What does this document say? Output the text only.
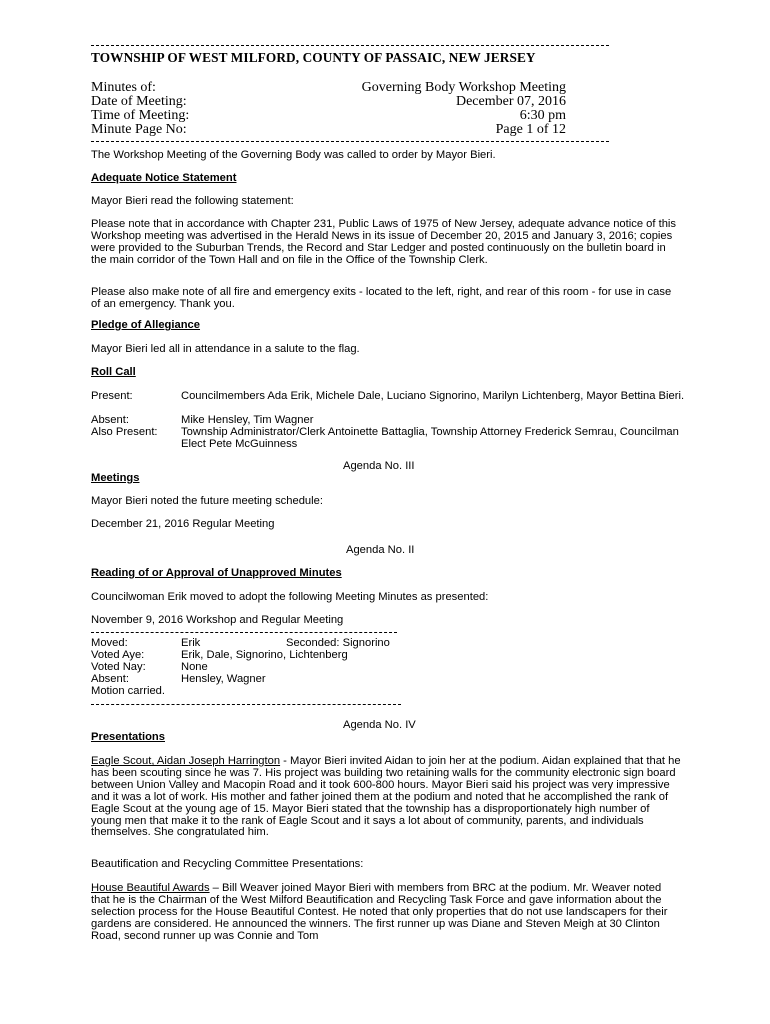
TOWNSHIP OF WEST MILFORD, COUNTY OF PASSAIC, NEW JERSEY
Minutes of:	Governing Body Workshop Meeting
Date of Meeting:	December 07, 2016
Time of Meeting:	6:30 pm
Minute Page No:	Page 1 of 12
The Workshop Meeting of the Governing Body was called to order by Mayor Bieri.
Adequate Notice Statement
Mayor Bieri read the following statement:
Please note that in accordance with Chapter 231, Public Laws of 1975 of New Jersey, adequate advance notice of this Workshop meeting was advertised in the Herald News in its issue of December 20, 2015 and January 3, 2016; copies were provided to the Suburban Trends, the Record and Star Ledger and posted continuously on the bulletin board in the main corridor of the Town Hall and on file in the Office of the Township Clerk.
Please also make note of all fire and emergency exits - located to the left, right, and rear of this room - for use in case of an emergency. Thank you.
Pledge of Allegiance
Mayor Bieri led all in attendance in a salute to the flag.
Roll Call
Present:	Councilmembers Ada Erik, Michele Dale, Luciano Signorino, Marilyn Lichtenberg, Mayor Bettina Bieri.
Absent:	Mike Hensley, Tim Wagner
Also Present: Township Administrator/Clerk Antoinette Battaglia, Township Attorney Frederick Semrau, Councilman Elect Pete McGuinness
Agenda No. III
Meetings
Mayor Bieri noted the future meeting schedule:
December 21, 2016 Regular Meeting
Agenda No. II
Reading of or Approval of Unapproved Minutes
Councilwoman Erik moved to adopt the following Meeting Minutes as presented:
November 9, 2016 Workshop and Regular Meeting
Moved:	Erik	Seconded: Signorino
Voted Aye:	Erik, Dale, Signorino, Lichtenberg
Voted Nay:	None
Absent:	Hensley, Wagner
Motion carried.
Agenda No. IV
Presentations
Eagle Scout, Aidan Joseph Harrington - Mayor Bieri invited Aidan to join her at the podium. Aidan explained that that he has been scouting since he was 7. His project was building two retaining walls for the community electronic sign board between Union Valley and Macopin Road and it took 600-800 hours. Mayor Bieri said his project was very impressive and it was a lot of work. His mother and father joined them at the podium and noted that he accomplished the rank of Eagle Scout at the young age of 15. Mayor Bieri stated that the township has a disproportionately high number of young men that make it to the rank of Eagle Scout and it says a lot about of community, parents, and individuals themselves. She congratulated him.
Beautification and Recycling Committee Presentations:
House Beautiful Awards – Bill Weaver joined Mayor Bieri with members from BRC at the podium. Mr. Weaver noted that he is the Chairman of the West Milford Beautification and Recycling Task Force and gave information about the selection process for the House Beautiful Contest. He noted that only properties that do not use landscapers for their gardens are considered. He announced the winners. The first runner up was Diane and Steven Meigh at 30 Clinton Road, second runner up was Connie and Tom
